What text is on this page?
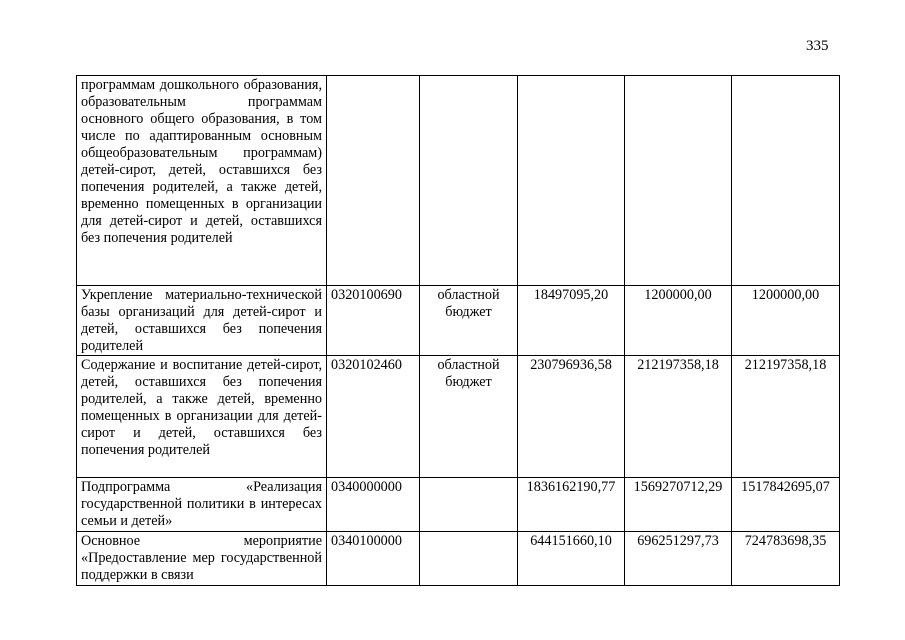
335
программам дошкольного образования, образовательным программам основного общего образования, в том числе по адаптированным основным общеобразовательным программам) детей-сирот, детей, оставшихся без попечения родителей, а также детей, временно помещенных в организации для детей-сирот и детей, оставшихся без попечения родителей					
Укрепление материально-технической базы организаций для детей-сирот и детей, оставшихся без попечения родителей	0320100690	областной бюджет	18497095,20	1200000,00	1200000,00
Содержание и воспитание детей-сирот, детей, оставшихся без попечения родителей, а также детей, временно помещенных в организации для детей-сирот и детей, оставшихся без попечения родителей	0320102460	областной бюджет	230796936,58	212197358,18	212197358,18
Подпрограмма «Реализация государственной политики в интересах семьи и детей»	0340000000		1836162190,77	1569270712,29	1517842695,07
Основное мероприятие «Предоставление мер государственной поддержки в связи	0340100000		644151660,10	696251297,73	724783698,35
